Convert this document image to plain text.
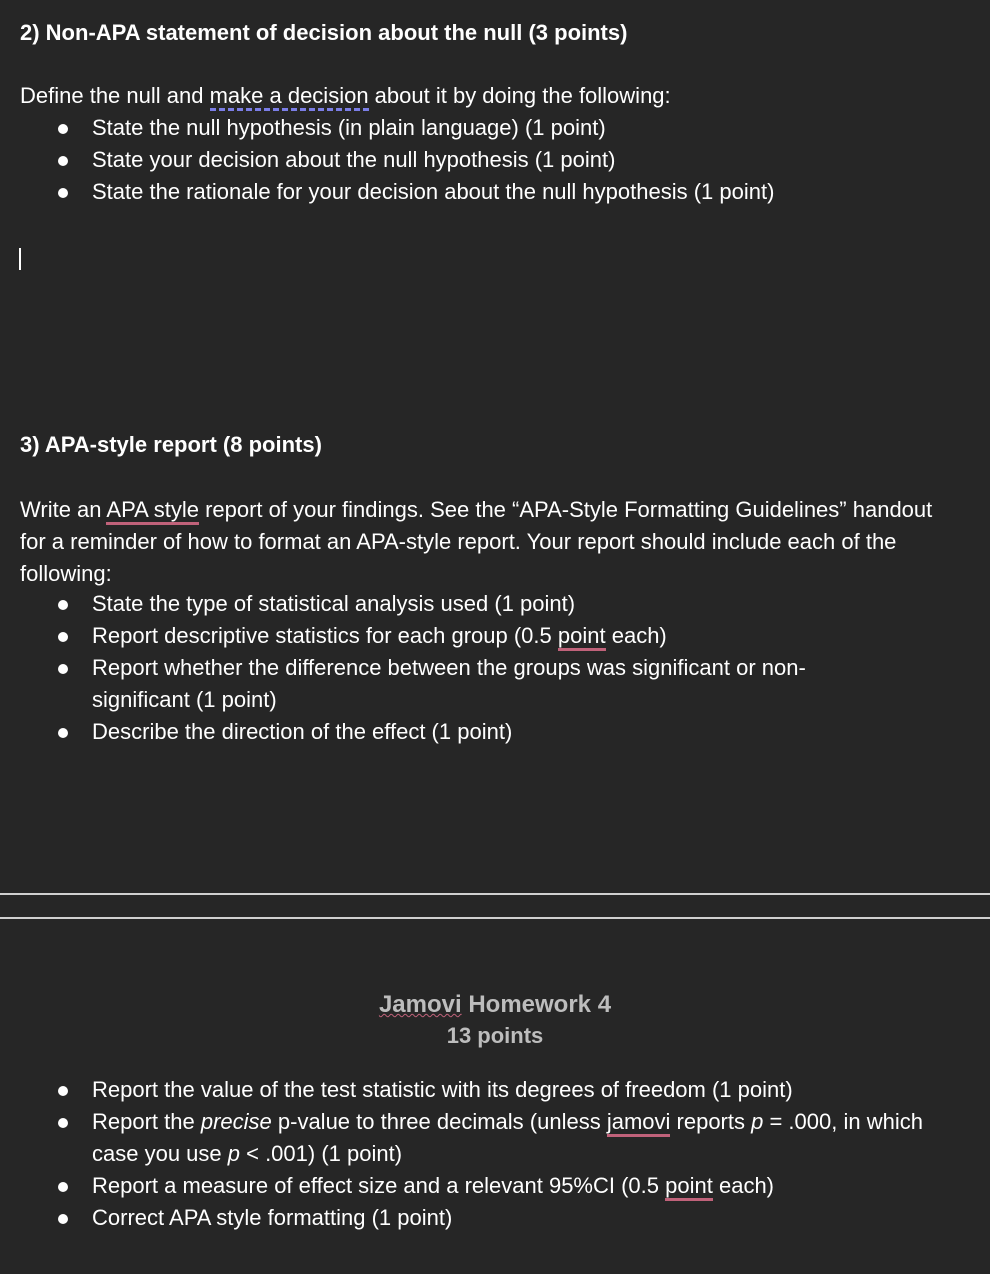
2) Non-APA statement of decision about the null (3 points)
Define the null and make a decision about it by doing the following:
State the null hypothesis (in plain language) (1 point)
State your decision about the null hypothesis (1 point)
State the rationale for your decision about the null hypothesis (1 point)
3) APA-style report (8 points)
Write an APA style report of your findings. See the “APA-Style Formatting Guidelines” handout for a reminder of how to format an APA-style report. Your report should include each of the following:
State the type of statistical analysis used (1 point)
Report descriptive statistics for each group (0.5 point each)
Report whether the difference between the groups was significant or non-significant (1 point)
Describe the direction of the effect (1 point)
Jamovi Homework 4
13 points
Report the value of the test statistic with its degrees of freedom (1 point)
Report the precise p-value to three decimals (unless jamovi reports p = .000, in which case you use p < .001) (1 point)
Report a measure of effect size and a relevant 95%CI (0.5 point each)
Correct APA style formatting (1 point)
